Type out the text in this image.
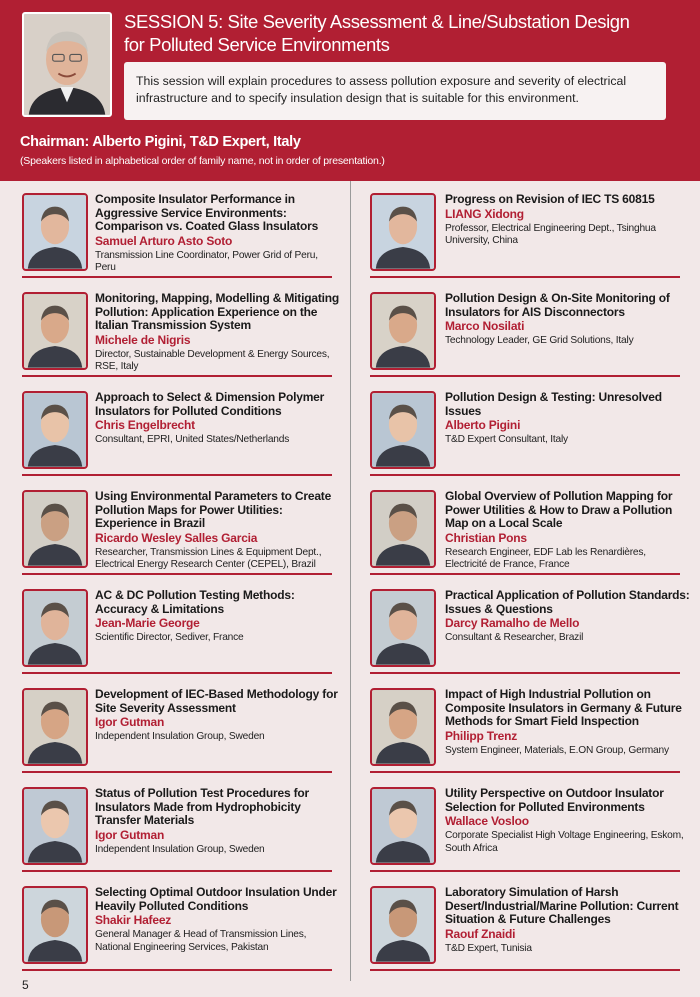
SESSION 5: Site Severity Assessment & Line/Substation Design
for Polluted Service Environments
This session will explain procedures to assess pollution exposure and severity of electrical infrastructure and to specify insulation design that is suitable for this environment.
Chairman: Alberto Pigini, T&D Expert, Italy
(Speakers listed in alphabetical order of family name, not in order of presentation.)
Composite Insulator Performance in Aggressive Service Environments: Comparison vs. Coated Glass Insulators
Samuel Arturo Asto Soto
Transmission Line Coordinator, Power Grid of Peru, Peru
Monitoring, Mapping, Modelling & Mitigating Pollution: Application Experience on the Italian Transmission System
Michele de Nigris
Director, Sustainable Development & Energy Sources, RSE, Italy
Approach to Select & Dimension Polymer Insulators for Polluted Conditions
Chris Engelbrecht
Consultant, EPRI, United States/Netherlands
Using Environmental Parameters to Create Pollution Maps for Power Utilities: Experience in Brazil
Ricardo Wesley Salles Garcia
Researcher, Transmission Lines & Equipment Dept., Electrical Energy Research Center (CEPEL), Brazil
AC & DC Pollution Testing Methods: Accuracy & Limitations
Jean-Marie George
Scientific Director, Sediver, France
Development of IEC-Based Methodology for Site Severity Assessment
Igor Gutman
Independent Insulation Group, Sweden
Status of Pollution Test Procedures for Insulators Made from Hydrophobicity Transfer Materials
Igor Gutman
Independent Insulation Group, Sweden
Selecting Optimal Outdoor Insulation Under Heavily Polluted Conditions
Shakir Hafeez
General Manager & Head of Transmission Lines, National Engineering Services, Pakistan
Progress on Revision of IEC TS 60815
LIANG Xidong
Professor, Electrical Engineering Dept., Tsinghua University, China
Pollution Design & On-Site Monitoring of Insulators for AIS Disconnectors
Marco Nosilati
Technology Leader, GE Grid Solutions, Italy
Pollution Design & Testing: Unresolved Issues
Alberto Pigini
T&D Expert Consultant, Italy
Global Overview of Pollution Mapping for Power Utilities & How to Draw a Pollution Map on a Local Scale
Christian Pons
Research Engineer, EDF Lab les Renardières, Electricité de France, France
Practical Application of Pollution Standards: Issues & Questions
Darcy Ramalho de Mello
Consultant & Researcher, Brazil
Impact of High Industrial Pollution on Composite Insulators in Germany & Future Methods for Smart Field Inspection
Philipp Trenz
System Engineer, Materials, E.ON Group, Germany
Utility Perspective on Outdoor Insulator Selection for Polluted Environments
Wallace Vosloo
Corporate Specialist High Voltage Engineering, Eskom, South Africa
Laboratory Simulation of Harsh Desert/Industrial/Marine Pollution: Current Situation & Future Challenges
Raouf Znaidi
T&D Expert, Tunisia
5
